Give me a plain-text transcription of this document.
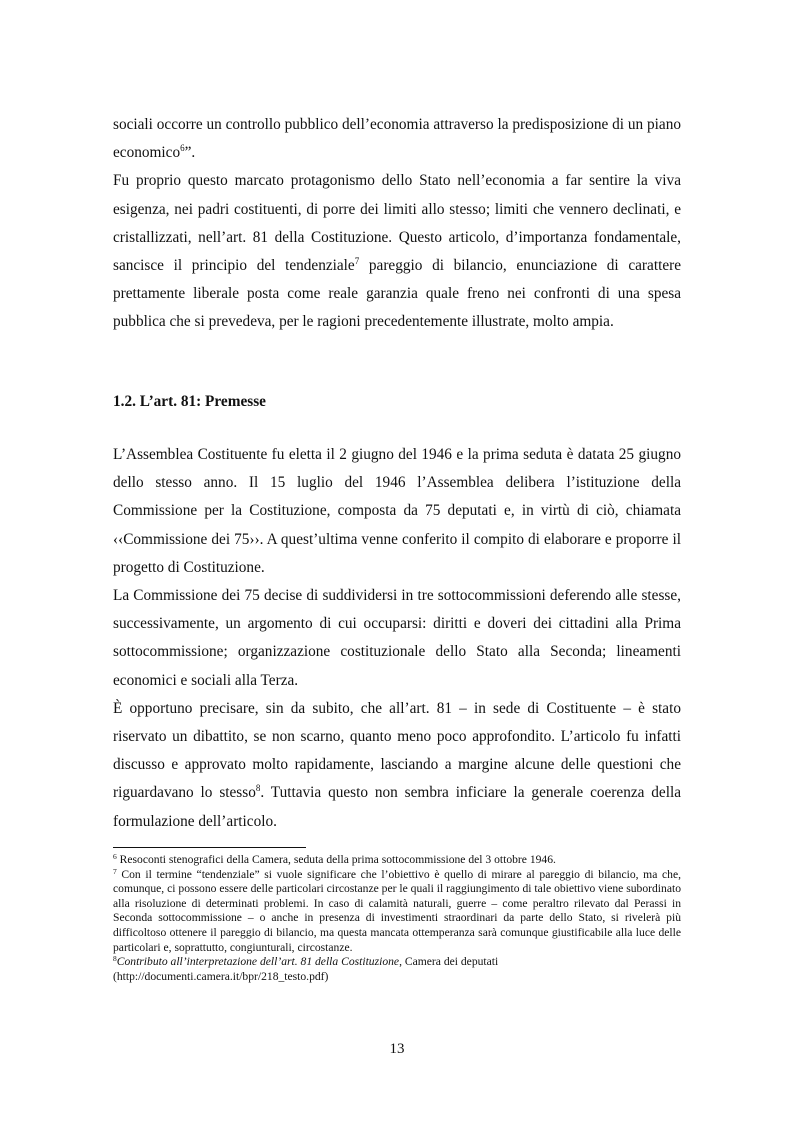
sociali occorre un controllo pubblico dell’economia attraverso la predisposizione di un piano economico$^6$”.

Fu proprio questo marcato protagonismo dello Stato nell’economia a far sentire la viva esigenza, nei padri costituenti, di porre dei limiti allo stesso; limiti che vennero declinati, e cristallizzati, nell’art. 81 della Costituzione. Questo articolo, d’importanza fondamentale, sancisce il principio del tendenziale$^7$ pareggio di bilancio, enunciazione di carattere prettamente liberale posta come reale garanzia quale freno nei confronti di una spesa pubblica che si prevedeva, per le ragioni precedentemente illustrate, molto ampia.

1.2. L’art. 81: Premesse

L’Assemblea Costituente fu eletta il 2 giugno del 1946 e la prima seduta è datata 25 giugno dello stesso anno. Il 15 luglio del 1946 l’Assemblea delibera l’istituzione della Commissione per la Costituzione, composta da 75 deputati e, in virtù di ciò, chiamata ‹‹Commissione dei 75››. A quest’ultima venne conferito il compito di elaborare e proporre il progetto di Costituzione.

La Commissione dei 75 decise di suddividersi in tre sottocommissioni deferendo alle stesse, successivamente, un argomento di cui occuparsi: diritti e doveri dei cittadini alla Prima sottocommissione; organizzazione costituzionale dello Stato alla Seconda; lineamenti economici e sociali alla Terza.

È opportuno precisare, sin da subito, che all’art. 81 – in sede di Costituente – è stato riservato un dibattito, se non scarno, quanto meno poco approfondito. L’articolo fu infatti discusso e approvato molto rapidamente, lasciando a margine alcune delle questioni che riguardavano lo stesso$^8$. Tuttavia questo non sembra inficiare la generale coerenza della formulazione dell’articolo.

$^6$ Resoconti stenografici della Camera, seduta della prima sottocommissione del 3 ottobre 1946.

$^7$ Con il termine “tendenziale” si vuole significare che l’obiettivo è quello di mirare al pareggio di bilancio, ma che, comunque, ci possono essere delle particolari circostanze per le quali il raggiungimento di tale obiettivo viene subordinato alla risoluzione di determinati problemi. In caso di calamità naturali, guerre – come peraltro rilevato dal Perassi in Seconda sottocommissione – o anche in presenza di investimenti straordinari da parte dello Stato, si rivelerà più difficoltoso ottenere il pareggio di bilancio, ma questa mancata ottemperanza sarà comunque giustificabile alla luce delle particolari e, soprattutto, congiunturali, circostanze.

$^8$Contributo all’interpretazione dell’art. 81 della Costituzione, Camera dei deputati
(http://documenti.camera.it/bpr/218_testo.pdf)

13
